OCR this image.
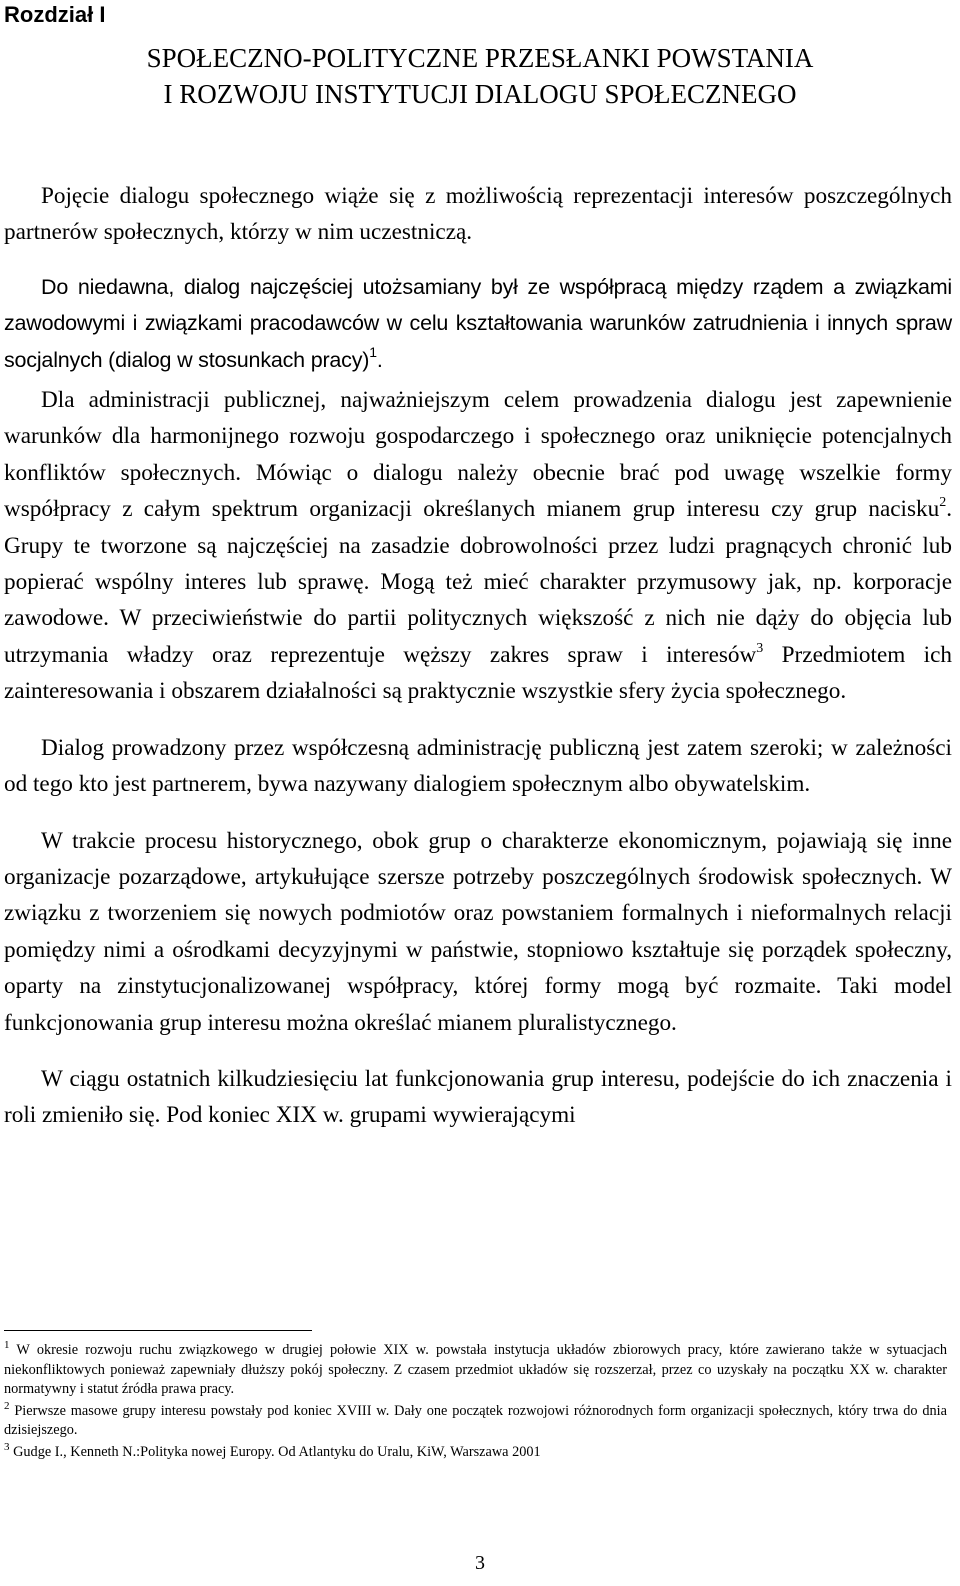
Rozdział I
SPOŁECZNO-POLITYCZNE PRZESŁANKI POWSTANIA
I ROZWOJU INSTYTUCJI DIALOGU SPOŁECZNEGO

Pojęcie dialogu społecznego wiąże się z możliwością reprezentacji interesów poszczególnych partnerów społecznych, którzy w nim uczestniczą.

Do niedawna, dialog najczęściej utożsamiany był ze współpracą między rządem a związkami zawodowymi i związkami pracodawców w celu kształtowania warunków zatrudnienia i innych spraw socjalnych (dialog w stosunkach pracy)$^1$.

Dla administracji publicznej, najważniejszym celem prowadzenia dialogu jest zapewnienie warunków dla harmonijnego rozwoju gospodarczego i społecznego oraz uniknięcie potencjalnych konfliktów społecznych. Mówiąc o dialogu należy obecnie brać pod uwagę wszelkie formy współpracy z całym spektrum organizacji określanych mianem grup interesu czy grup nacisku$^2$. Grupy te tworzone są najczęściej na zasadzie dobrowolności przez ludzi pragnących chronić lub popierać wspólny interes lub sprawę. Mogą też mieć charakter przymusowy jak, np. korporacje zawodowe. W przeciwieństwie do partii politycznych większość z nich nie dąży do objęcia lub utrzymania władzy oraz reprezentuje węższy zakres spraw i interesów$^3$ Przedmiotem ich zainteresowania i obszarem działalności są praktycznie wszystkie sfery życia społecznego.

Dialog prowadzony przez współczesną administrację publiczną jest zatem szeroki; w zależności od tego kto jest partnerem, bywa nazywany dialogiem społecznym albo obywatelskim.

W trakcie procesu historycznego, obok grup o charakterze ekonomicznym, pojawiają się inne organizacje pozarządowe, artykułujące szersze potrzeby poszczególnych środowisk społecznych. W związku z tworzeniem się nowych podmiotów oraz powstaniem formalnych i nieformalnych relacji pomiędzy nimi a ośrodkami decyzyjnymi w państwie, stopniowo kształtuje się porządek społeczny, oparty na zinstytucjonalizowanej współpracy, której formy mogą być rozmaite. Taki model funkcjonowania grup interesu można określać mianem pluralistycznego.

W ciągu ostatnich kilkudziesięciu lat funkcjonowania grup interesu, podejście do ich znaczenia i roli zmieniło się. Pod koniec XIX w. grupami wywierającymi

$^1$ W okresie rozwoju ruchu związkowego w drugiej połowie XIX w. powstała instytucja układów zbiorowych pracy, które zawierano także w sytuacjach niekonfliktowych ponieważ zapewniały dłuższy pokój społeczny. Z czasem przedmiot układów się rozszerzał, przez co uzyskały na początku XX w. charakter normatywny i statut źródła prawa pracy.

$^2$ Pierwsze masowe grupy interesu powstały pod koniec XVIII w. Dały one początek rozwojowi różnorodnych form organizacji społecznych, który trwa do dnia dzisiejszego.

$^3$ Gudge I., Kenneth N.:Polityka nowej Europy. Od Atlantyku do Uralu, KiW, Warszawa 2001

3
